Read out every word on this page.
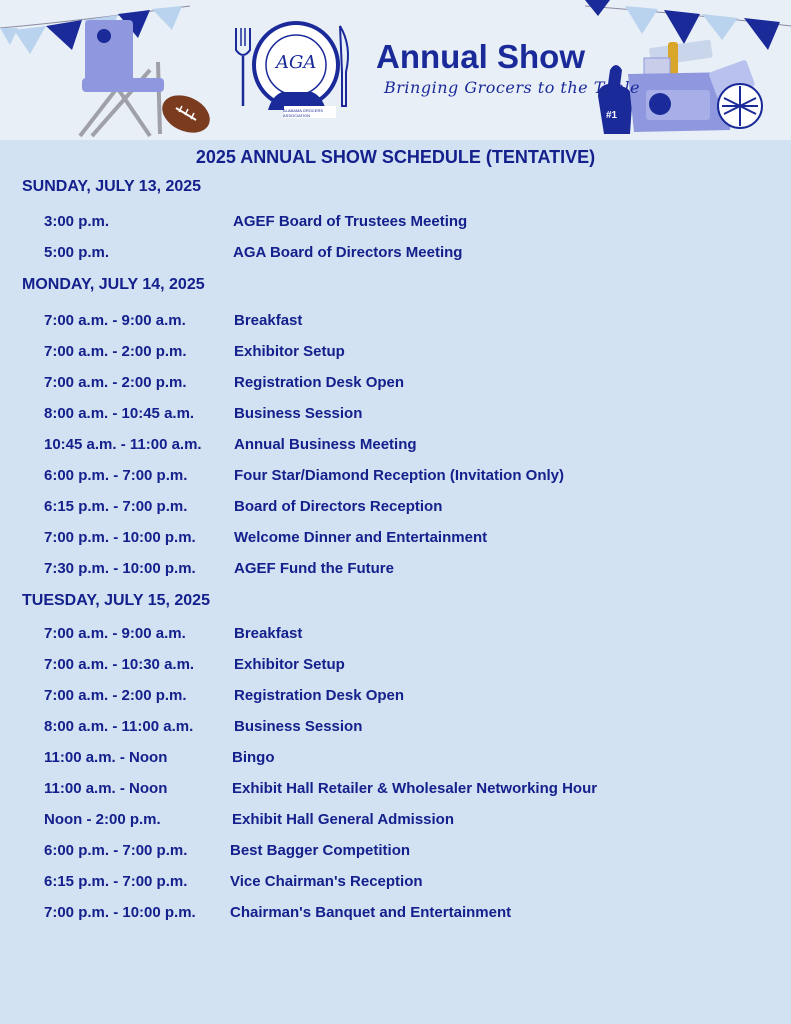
Annual Show
Bringing Grocers to the Table
AGA
ALABAMA GROCERS ASSOCIATION	#1
2025 ANNUAL SHOW SCHEDULE (TENTATIVE)
SUNDAY, JULY 13, 2025
3:00 p.m.	AGEF Board of Trustees Meeting
5:00 p.m.	AGA Board of Directors Meeting
MONDAY, JULY 14, 2025
7:00 a.m. - 9:00 a.m.	Breakfast
7:00 a.m. - 2:00 p.m.	Exhibitor Setup
7:00 a.m. - 2:00 p.m.	Registration Desk Open
8:00 a.m. - 10:45 a.m.	Business Session
10:45 a.m. - 11:00 a.m. Annual Business Meeting
6:00 p.m. - 7:00 p.m.	Four Star/Diamond Reception (Invitation Only)
6:15 p.m. - 7:00 p.m.	Board of Directors Reception
7:00 p.m. - 10:00 p.m.	Welcome Dinner and Entertainment
7:30 p.m. - 10:00 p.m.	AGEF Fund the Future
TUESDAY, JULY 15, 2025
7:00 a.m. - 9:00 a.m.	Breakfast
7:00 a.m. - 10:30 a.m.	Exhibitor Setup
7:00 a.m. - 2:00 p.m.	Registration Desk Open
8:00 a.m. - 11:00 a.m.	Business Session
11:00 a.m. - Noon	Bingo
11:00 a.m. - Noon	Exhibit Hall Retailer & Wholesaler Networking Hour
Noon - 2:00 p.m.	Exhibit Hall General Admission
6:00 p.m. - 7:00 p.m.	Best Bagger Competition
6:15 p.m. - 7:00 p.m.	Vice Chairman's Reception
7:00 p.m. - 10:00 p.m. Chairman's Banquet and Entertainment
